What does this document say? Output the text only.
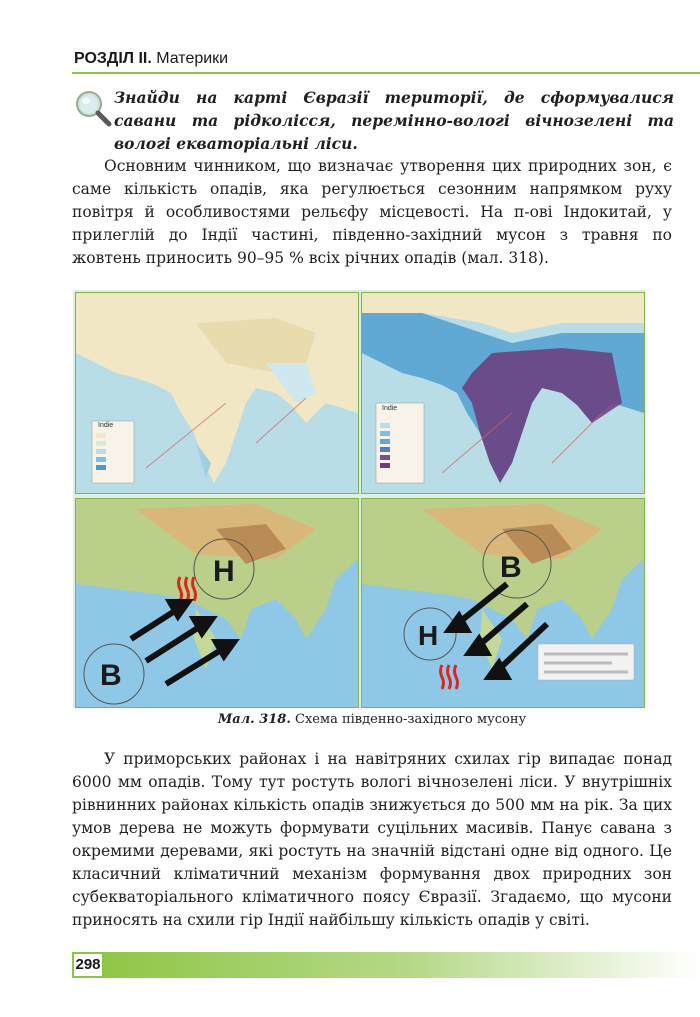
РОЗДІЛ ІІ. Материки
Знайди на карті Євразії території, де сформувалися савани та рідколісся, перемінно-вологі вічнозелені та вологі екваторіальні ліси.
Основним чинником, що визначає утворення цих природних зон, є саме кількість опадів, яка регулюється сезонним напрямком руху повітря й особливостями рельєфу місцевості. На п-ові Індокитай, у прилеглій до Індії частині, південно-західний мусон з травня по жовтень приносить 90–95 % всіх річних опадів (мал. 318).
Indie
Indie
Н
В
В
Н
Мал. 318. Схема південно-західного мусону
У приморських районах і на навітряних схилах гір випадає понад 6000 мм опадів. Тому тут ростуть вологі вічнозелені ліси. У внутрішніх рівнинних районах кількість опадів знижується до 500 мм на рік. За цих умов дерева не можуть формувати суцільних масивів. Панує савана з окремими деревами, які ростуть на значній відстані одне від одного. Це класичний кліматичний механізм формування двох природних зон субекваторіального кліматичного поясу Євразії. Згадаємо, що мусони приносять на схили гір Індії найбільшу кількість опадів у світі.
298
